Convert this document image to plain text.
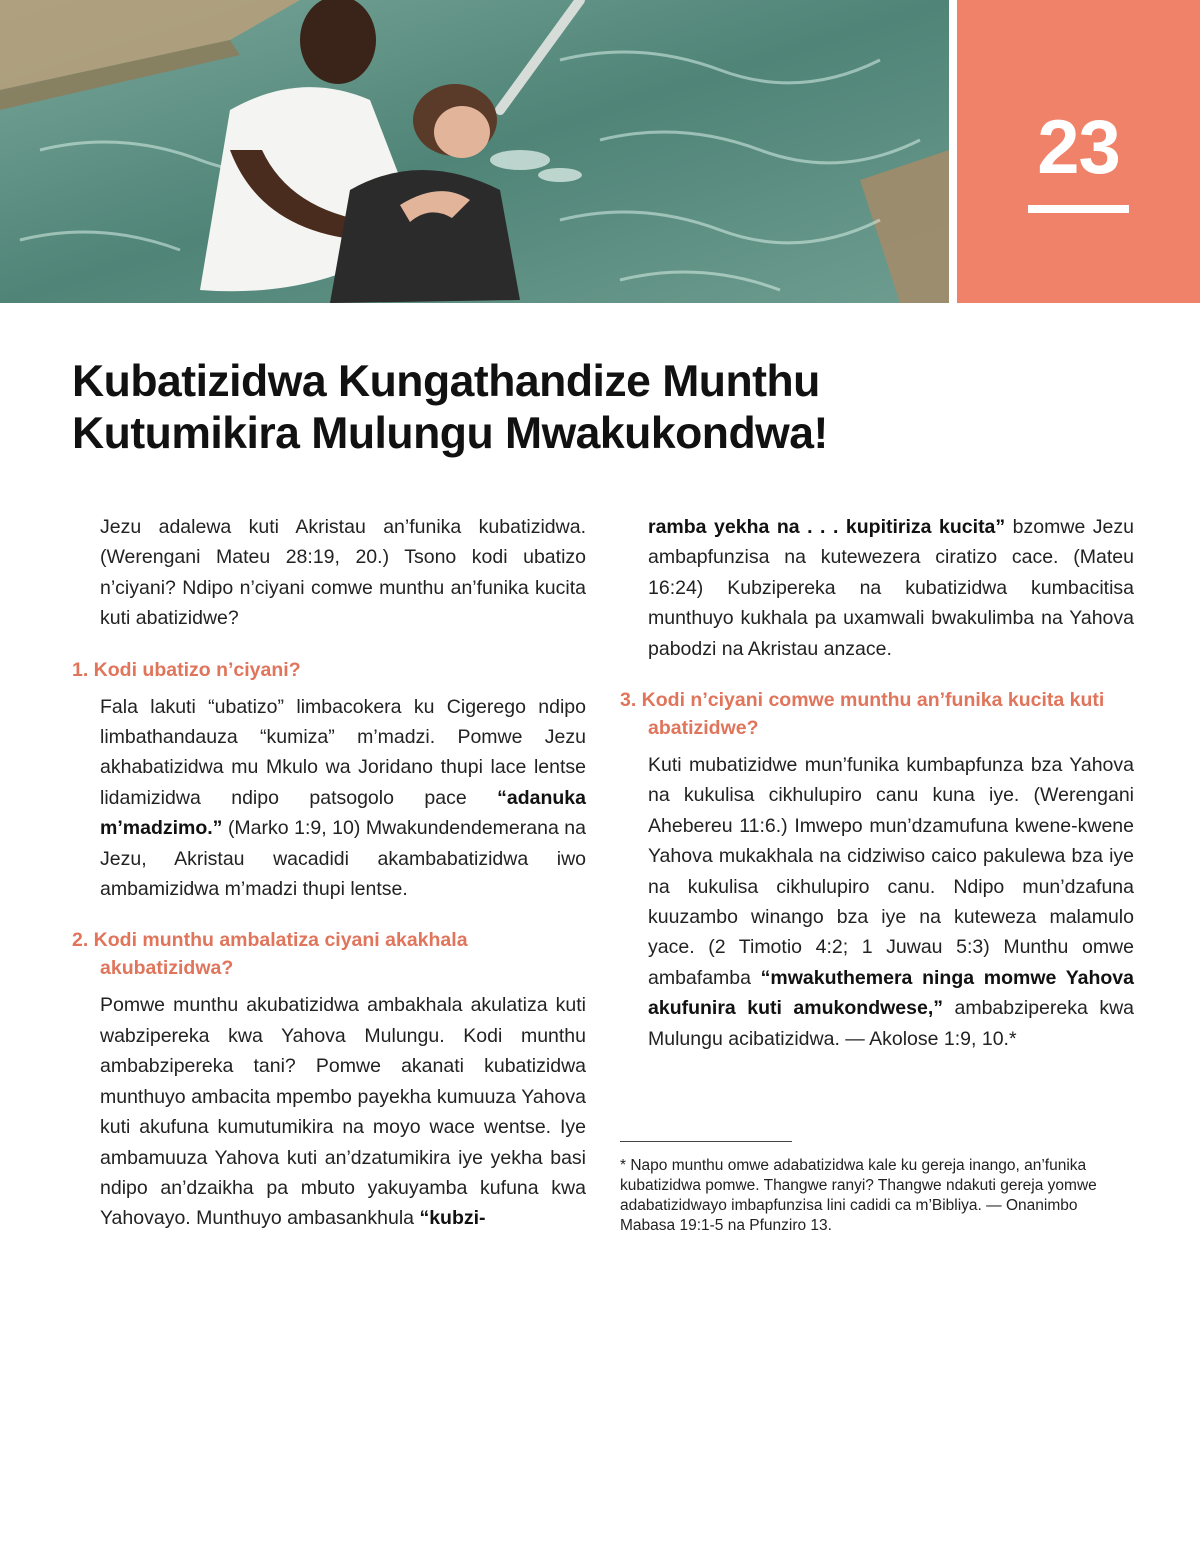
23
Kubatizidwa Kungathandize Munthu
Kutumikira Mulungu Mwakukondwa!

Jezu adalewa kuti Akristau an’funika kubatizidwa. (Werengani Mateu 28:19, 20.) Tsono kodi ubatizo n’ciyani? Ndipo n’ciyani comwe munthu an’funika kucita kuti abatizidwe?

1. Kodi ubatizo n’ciyani?

Fala lakuti “ubatizo” limbacokera ku Cigerego ndipo limbathandauza “kumiza” m’madzi. Pomwe Jezu akhabatizidwa mu Mkulo wa Joridano thupi lace lentse lidamizidwa ndipo patsogolo pace “adanuka m’madzimo.” (Marko 1:9, 10) Mwakundendemerana na Jezu, Akristau wacadidi akambabatizidwa iwo ambamizidwa m’madzi thupi lentse.

2. Kodi munthu ambalatiza ciyani akakhala akubatizidwa?

Pomwe munthu akubatizidwa ambakhala akulatiza kuti wabzipereka kwa Yahova Mulungu. Kodi munthu ambabzipereka tani? Pomwe akanati kubatizidwa munthuyo ambacita mpembo payekha kumuuza Yahova kuti akufuna kumutumikira na moyo wace wentse. Iye ambamuuza Yahova kuti an’dzatumikira iye yekha basi ndipo an’dzaikha pa mbuto yakuyamba kufuna kwa Yahovayo. Munthuyo ambasankhula “kubzi-

ramba yekha na . . . kupitiriza kucita” bzomwe Jezu ambapfunzisa na kutewezera ciratizo cace. (Mateu 16:24) Kubzipereka na kubatizidwa kumbacitisa munthuyo kukhala pa uxamwali bwakulimba na Yahova pabodzi na Akristau anzace.

3. Kodi n’ciyani comwe munthu an’funika kucita kuti abatizidwe?

Kuti mubatizidwe mun’funika kumbapfunza bza Yahova na kukulisa cikhulupiro canu kuna iye. (Werengani Ahebereu 11:6.) Imwepo mun’dzamufuna kwene-kwene Yahova mukakhala na cidziwiso caico pakulewa bza iye na kukulisa cikhulupiro canu. Ndipo mun’dzafuna kuuzambo winango bza iye na kuteweza malamulo yace. (2 Timotio 4:2; 1 Juwau 5:3) Munthu omwe ambafamba “mwakuthemera ninga momwe Yahova akufunira kuti amukondwese,” ambabzipereka kwa Mulungu acibatizidwa. — Akolose 1:9, 10.*

* Napo munthu omwe adabatizidwa kale ku gereja inango, an’funika kubatizidwa pomwe. Thangwe ranyi? Thangwe ndakuti gereja yomwe adabatizidwayo imbapfunzisa lini cadidi ca m’Bibliya. — Onanimbo Mabasa 19:1-5 na Pfunziro 13.
